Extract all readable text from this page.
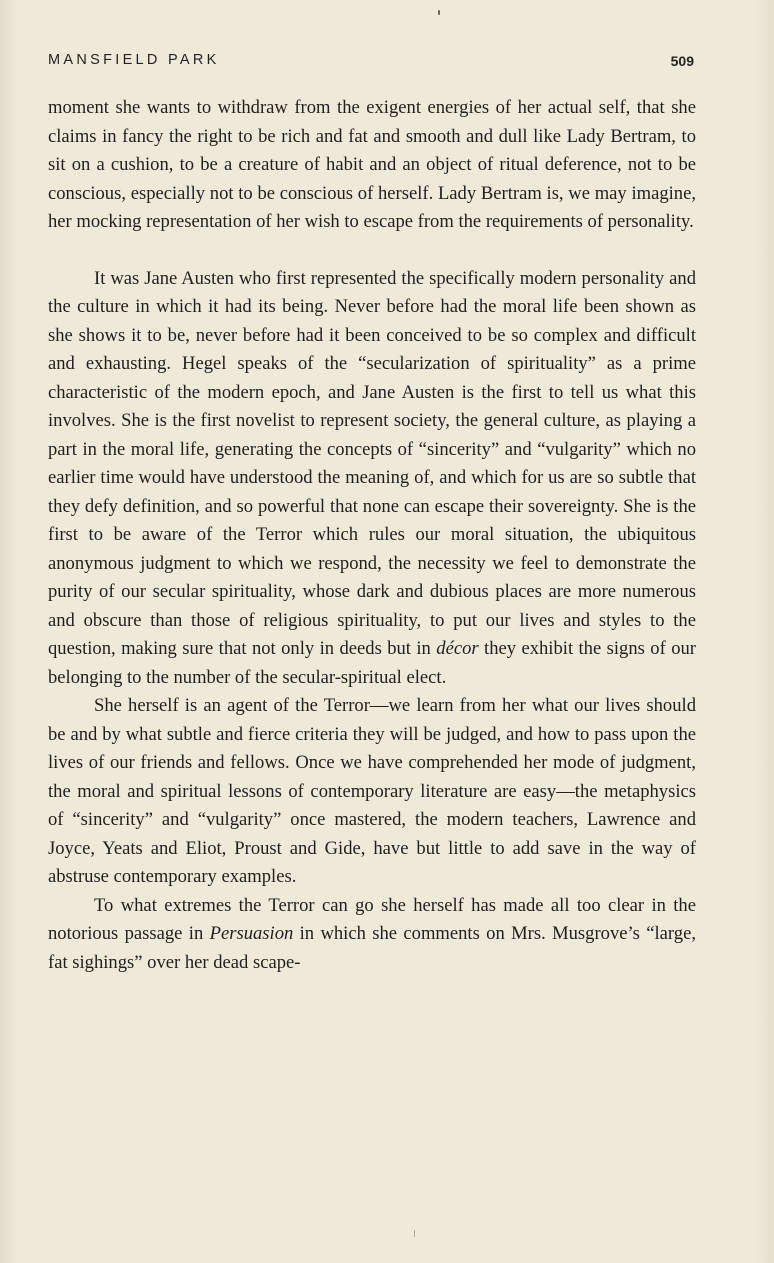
MANSFIELD PARK	509

moment she wants to withdraw from the exigent energies of her actual self, that she claims in fancy the right to be rich and fat and smooth and dull like Lady Bertram, to sit on a cushion, to be a creature of habit and an object of ritual deference, not to be conscious, especially not to be conscious of herself. Lady Bertram is, we may imagine, her mocking representation of her wish to escape from the requirements of personality.

It was Jane Austen who first represented the specifically modern personality and the culture in which it had its being. Never before had the moral life been shown as she shows it to be, never before had it been conceived to be so complex and difficult and exhausting. Hegel speaks of the “secularization of spirituality” as a prime characteristic of the modern epoch, and Jane Austen is the first to tell us what this involves. She is the first novelist to represent society, the general culture, as playing a part in the moral life, generating the concepts of “sincerity” and “vulgarity” which no earlier time would have understood the meaning of, and which for us are so subtle that they defy definition, and so powerful that none can escape their sovereignty. She is the first to be aware of the Terror which rules our moral situation, the ubiquitous anonymous judgment to which we respond, the necessity we feel to demonstrate the purity of our secular spirituality, whose dark and dubious places are more numerous and obscure than those of religious spirituality, to put our lives and styles to the question, making sure that not only in deeds but in décor they exhibit the signs of our belonging to the number of the secular-spiritual elect.

She herself is an agent of the Terror—we learn from her what our lives should be and by what subtle and fierce criteria they will be judged, and how to pass upon the lives of our friends and fellows. Once we have comprehended her mode of judgment, the moral and spiritual lessons of contemporary literature are easy—the metaphysics of “sincerity” and “vulgarity” once mastered, the modern teachers, Lawrence and Joyce, Yeats and Eliot, Proust and Gide, have but little to add save in the way of abstruse contemporary examples.

To what extremes the Terror can go she herself has made all too clear in the notorious passage in Persuasion in which she comments on Mrs. Musgrove’s “large, fat sighings” over her dead scape-
